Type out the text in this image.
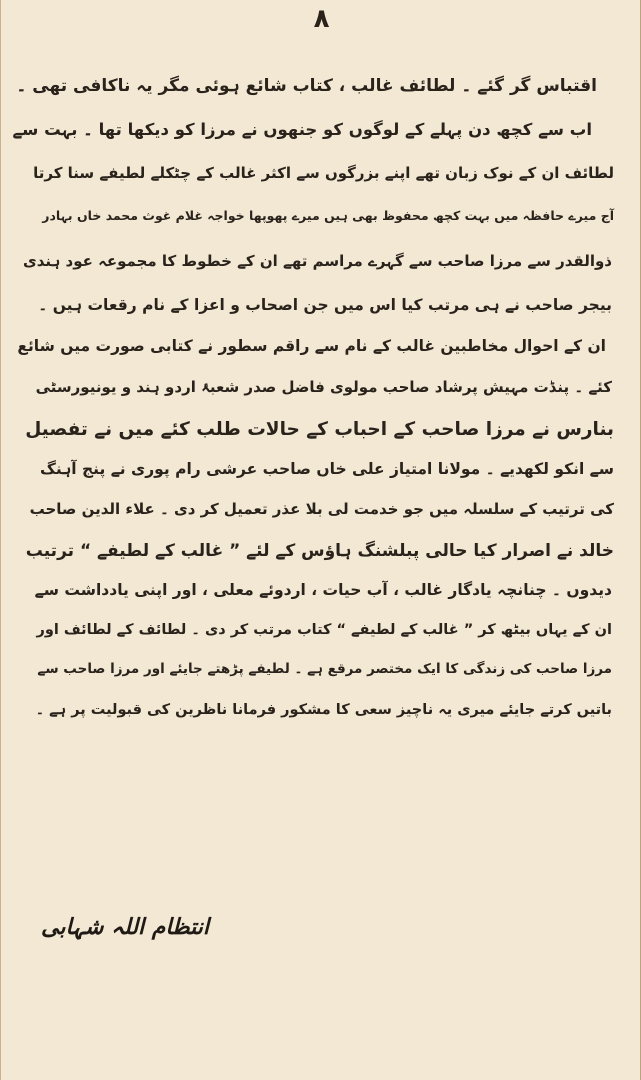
۸
اقتباس گر گئے ۔ لطائف غالب ، کتاب شائع ہوئی مگر یہ ناکافی تھی ۔
اب سے کچھ دن پہلے کے لوگوں کو جنھوں نے مرزا کو دیکھا تھا ۔ بہت سے
لطائف ان کے نوک زبان تھے اپنے بزرگوں سے اکثر غالب کے چٹکلے لطیفے سنا کرتا
آج میرے حافظہ میں بہت کچھ محفوظ بھی ہیں میرے پھوپھا خواجہ غلام غوث محمد خاں بہادر
ذوالقدر سے مرزا صاحب سے گہرے مراسم تھے ان کے خطوط کا مجموعہ عود ہندی
بیجر صاحب نے ہی مرتب کیا اس میں جن اصحاب و اعزا کے نام رقعات ہیں ۔
ان کے احوال مخاطبین غالب کے نام سے راقم سطور نے کتابی صورت میں شائع
کئے ۔ پنڈت مہیش پرشاد صاحب مولوی فاضل صدر شعبۂ اردو ہند و یونیورسٹی
بنارس نے مرزا صاحب کے احباب کے حالات طلب کئے میں نے تفصیل
سے انکو لکھدیے ۔ مولانا امتیاز علی خاں صاحب عرشی رام پوری نے پنج آہنگ
کی ترتیب کے سلسلہ میں جو خدمت لی بلا عذر تعمیل کر دی ۔ علاء الدین صاحب
خالد نے اصرار کیا حالی پبلشنگ ہاؤس کے لئے ” غالب کے لطیفے “ ترتیب
دیدوں ۔ چنانچہ یادگار غالب ، آب حیات ، اردوئے معلی ، اور اپنی یادداشت سے
ان کے یہاں بیٹھ کر ” غالب کے لطیفے “ کتاب مرتب کر دی ۔ لطائف کے لطائف اور
مرزا صاحب کی زندگی کا ایک مختصر مرقع ہے ۔ لطیفے پڑھتے جایئے اور مرزا صاحب سے
باتیں کرتے جایئے میری یہ ناچیز سعی کا مشکور فرمانا ناظرین کی قبولیت پر ہے ۔
انتظام اللہ شہابی
